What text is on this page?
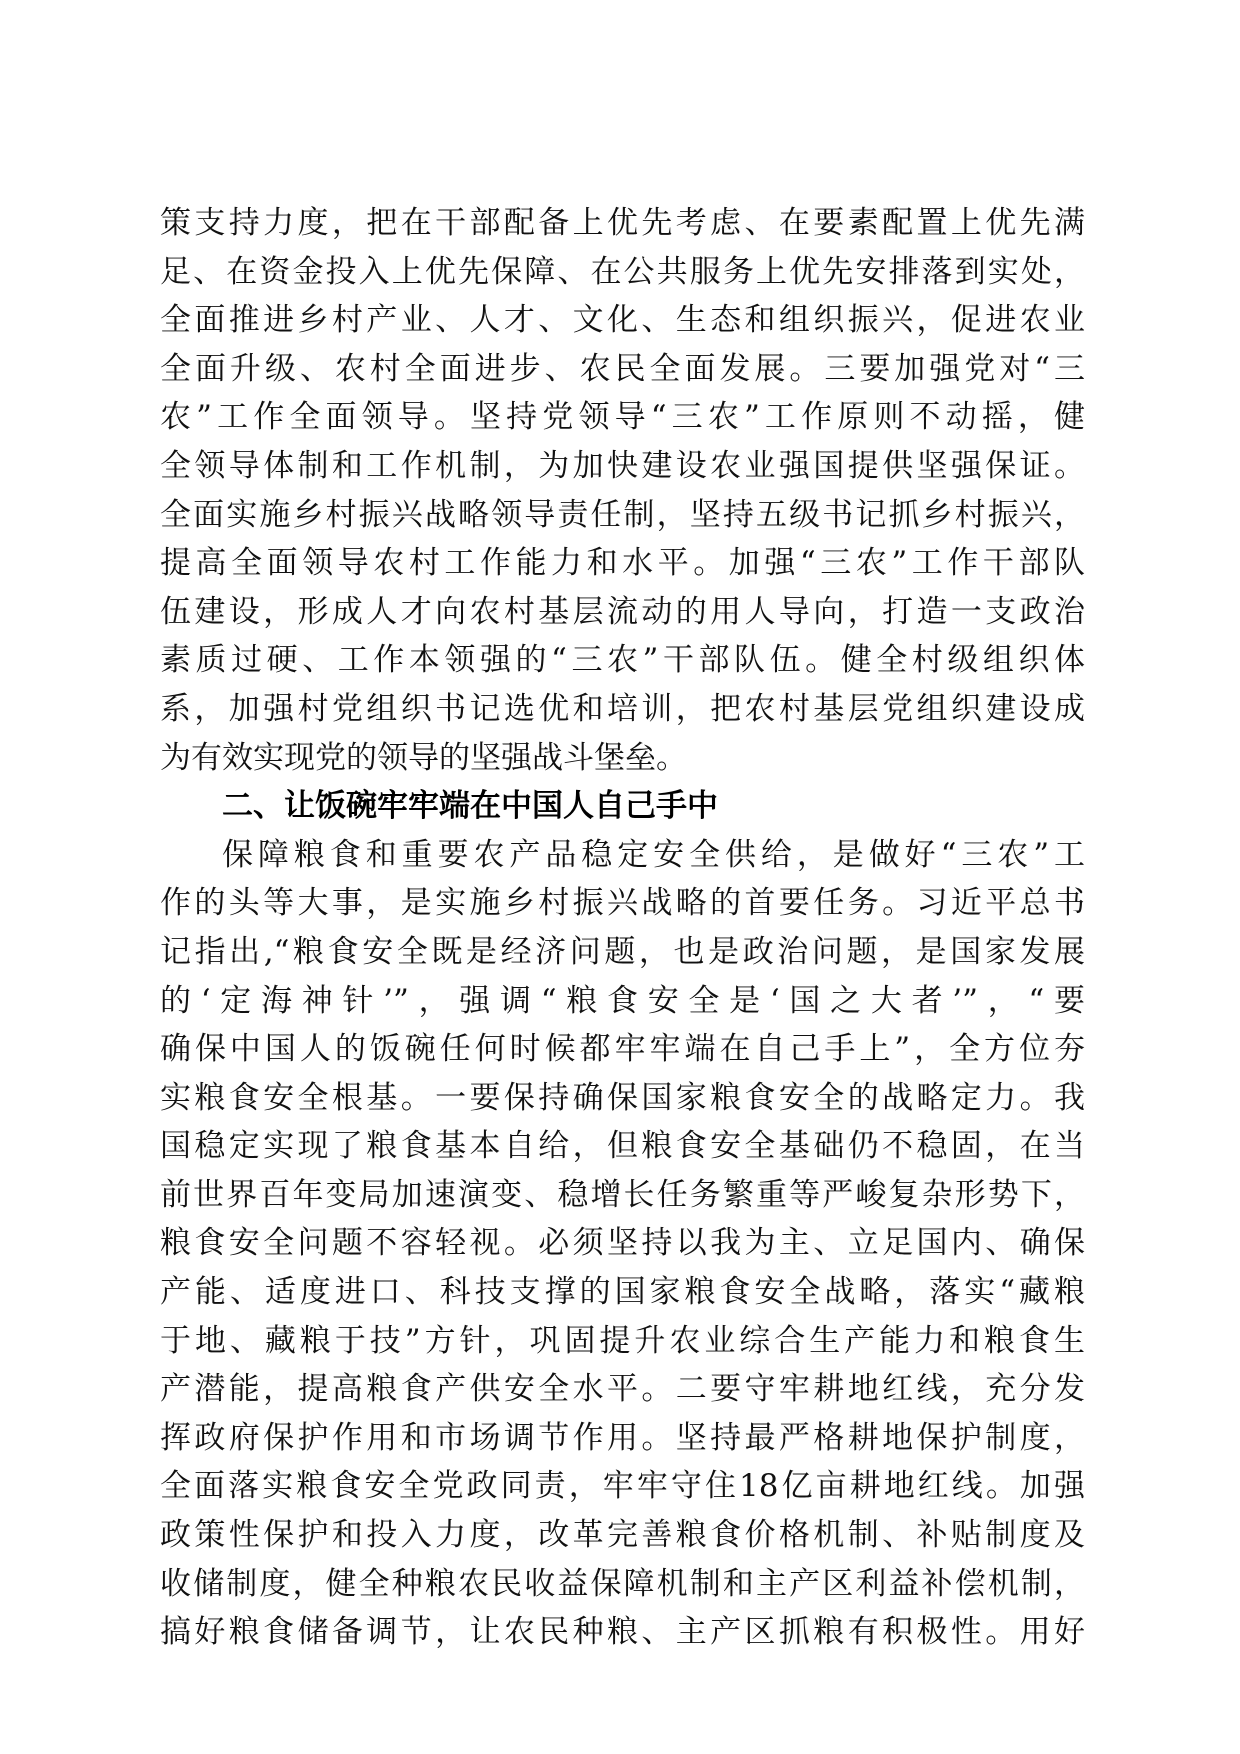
策支持力度，把在干部配备上优先考虑、在要素配置上优先满
足、在资金投入上优先保障、在公共服务上优先安排落到实处，
全面推进乡村产业、人才、文化、生态和组织振兴，促进农业
全面升级、农村全面进步、农民全面发展。三要加强党对“三
农”工作全面领导。坚持党领导“三农”工作原则不动摇，健
全领导体制和工作机制，为加快建设农业强国提供坚强保证。
全面实施乡村振兴战略领导责任制，坚持五级书记抓乡村振兴，
提高全面领导农村工作能力和水平。加强“三农”工作干部队
伍建设，形成人才向农村基层流动的用人导向，打造一支政治
素质过硬、工作本领强的“三农”干部队伍。健全村级组织体
系，加强村党组织书记选优和培训，把农村基层党组织建设成
为有效实现党的领导的坚强战斗堡垒。
二、让饭碗牢牢端在中国人自己手中
保障粮食和重要农产品稳定安全供给，是做好“三农”工
作的头等大事，是实施乡村振兴战略的首要任务。习近平总书
记指出,“粮食安全既是经济问题，也是政治问题，是国家发展
的‘定海神针’”，强调“粮食安全是‘国之大者’”，“要
确保中国人的饭碗任何时候都牢牢端在自己手上”，全方位夯
实粮食安全根基。一要保持确保国家粮食安全的战略定力。我
国稳定实现了粮食基本自给，但粮食安全基础仍不稳固，在当
前世界百年变局加速演变、稳增长任务繁重等严峻复杂形势下，
粮食安全问题不容轻视。必须坚持以我为主、立足国内、确保
产能、适度进口、科技支撑的国家粮食安全战略，落实“藏粮
于地、藏粮于技”方针，巩固提升农业综合生产能力和粮食生
产潜能，提高粮食产供安全水平。二要守牢耕地红线，充分发
挥政府保护作用和市场调节作用。坚持最严格耕地保护制度，
全面落实粮食安全党政同责，牢牢守住18亿亩耕地红线。加强
政策性保护和投入力度，改革完善粮食价格机制、补贴制度及
收储制度，健全种粮农民收益保障机制和主产区利益补偿机制，
搞好粮食储备调节，让农民种粮、主产区抓粮有积极性。用好
